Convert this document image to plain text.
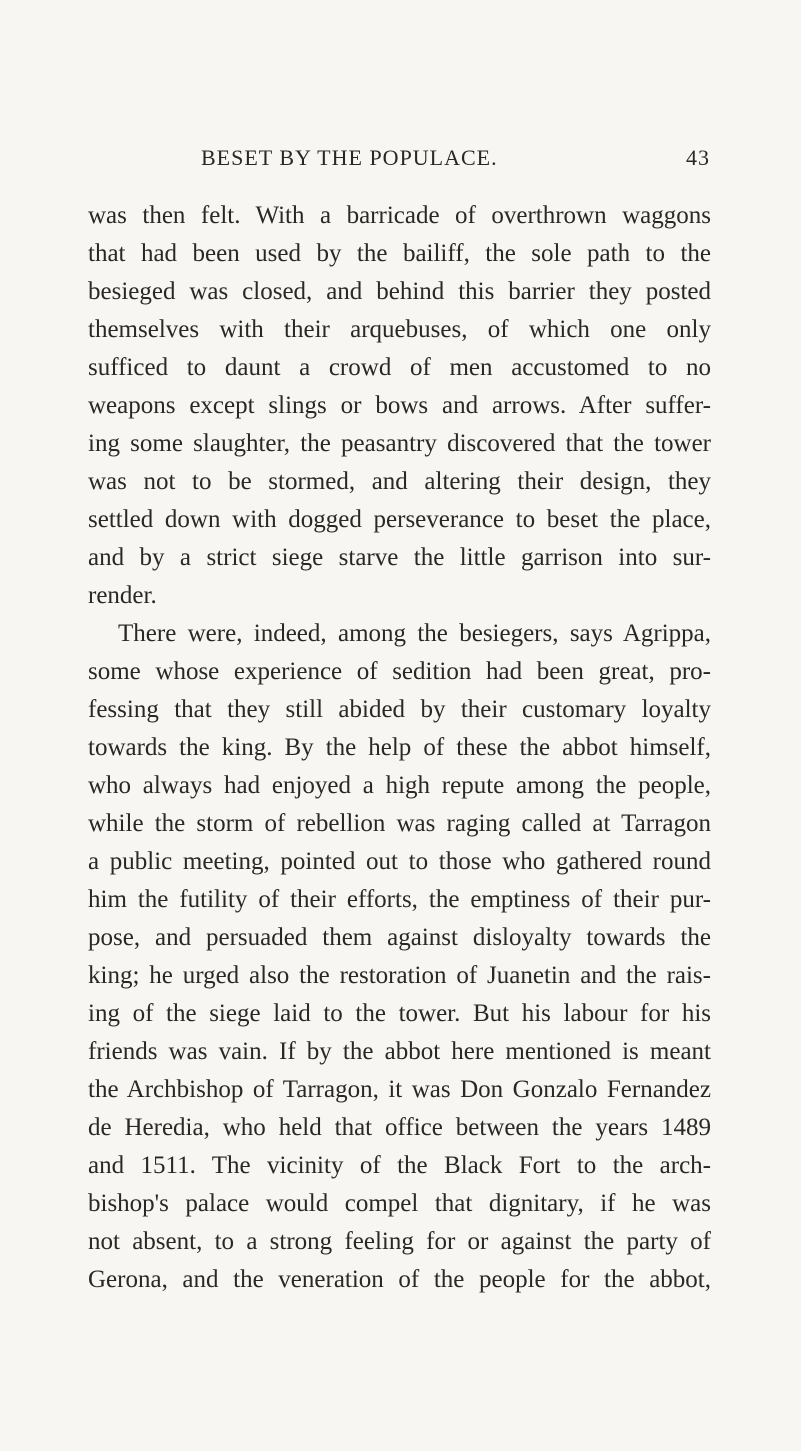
BESET BY THE POPULACE.	43
was then felt. With a barricade of overthrown waggons
that had been used by the bailiff, the sole path to the
besieged was closed, and behind this barrier they posted
themselves with their arquebuses, of which one only
sufficed to daunt a crowd of men accustomed to no
weapons except slings or bows and arrows. After suffer-
ing some slaughter, the peasantry discovered that the tower
was not to be stormed, and altering their design, they
settled down with dogged perseverance to beset the place,
and by a strict siege starve the little garrison into sur-
render.
There were, indeed, among the besiegers, says Agrippa,
some whose experience of sedition had been great, pro-
fessing that they still abided by their customary loyalty
towards the king. By the help of these the abbot himself,
who always had enjoyed a high repute among the people,
while the storm of rebellion was raging called at Tarragon
a public meeting, pointed out to those who gathered round
him the futility of their efforts, the emptiness of their pur-
pose, and persuaded them against disloyalty towards the
king; he urged also the restoration of Juanetin and the rais-
ing of the siege laid to the tower. But his labour for his
friends was vain. If by the abbot here mentioned is meant
the Archbishop of Tarragon, it was Don Gonzalo Fernandez
de Heredia, who held that office between the years 1489
and 1511. The vicinity of the Black Fort to the arch-
bishop's palace would compel that dignitary, if he was
not absent, to a strong feeling for or against the party of
Gerona, and the veneration of the people for the abbot,
